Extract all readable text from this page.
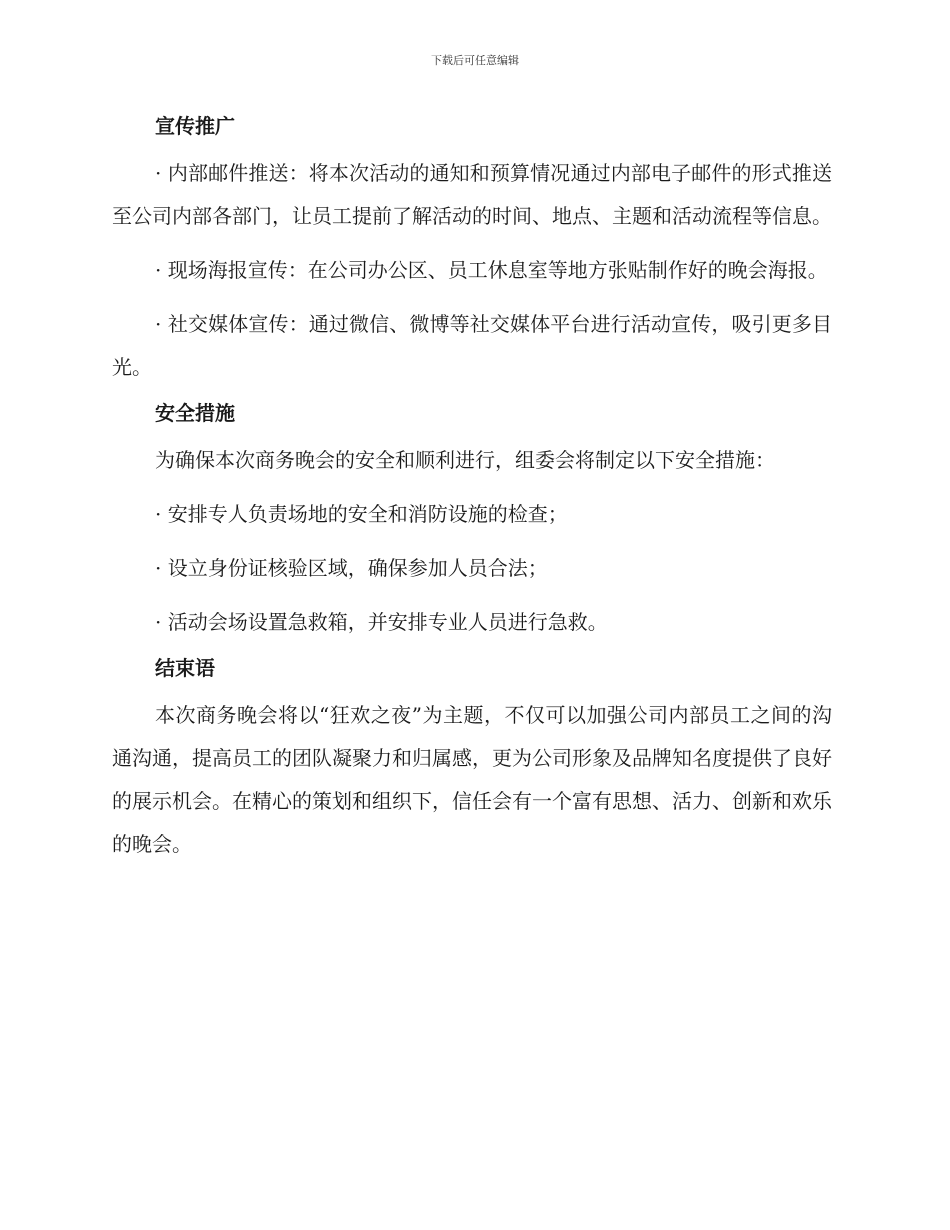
下载后可任意编辑
宣传推广

· 内部邮件推送：将本次活动的通知和预算情况通过内部电子邮件的形式推送至公司内部各部门，让员工提前了解活动的时间、地点、主题和活动流程等信息。

· 现场海报宣传：在公司办公区、员工休息室等地方张贴制作好的晚会海报。

· 社交媒体宣传：通过微信、微博等社交媒体平台进行活动宣传，吸引更多目光。

安全措施

为确保本次商务晚会的安全和顺利进行，组委会将制定以下安全措施：

· 安排专人负责场地的安全和消防设施的检查；

· 设立身份证核验区域，确保参加人员合法；

· 活动会场设置急救箱，并安排专业人员进行急救。

结束语

本次商务晚会将以“狂欢之夜”为主题，不仅可以加强公司内部员工之间的沟通沟通，提高员工的团队凝聚力和归属感，更为公司形象及品牌知名度提供了良好的展示机会。在精心的策划和组织下，信任会有一个富有思想、活力、创新和欢乐的晚会。
